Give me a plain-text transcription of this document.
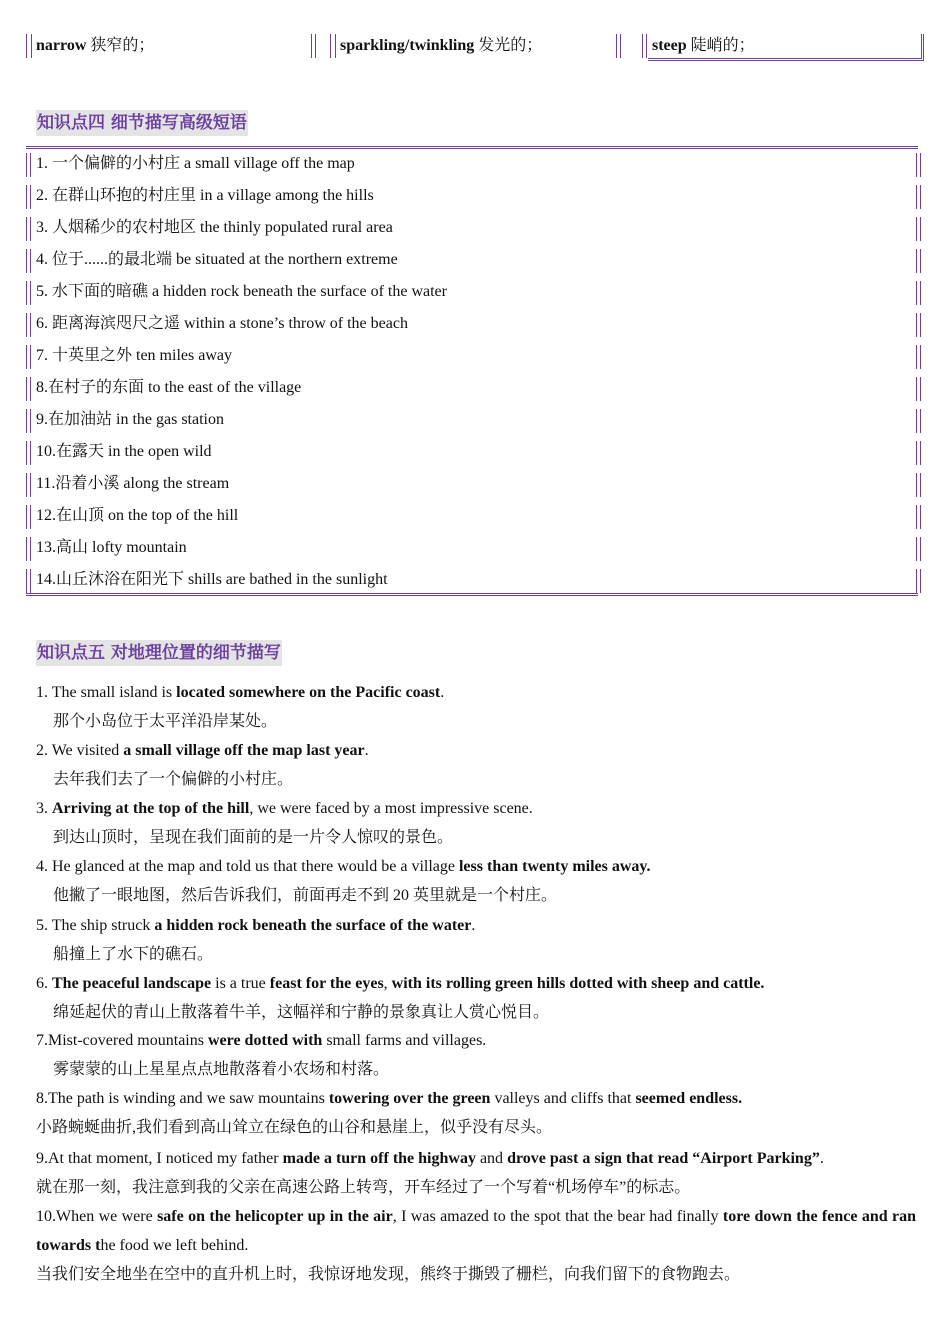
narrow 狭窄的；	sparkling/twinkling 发光的；	steep 陡峭的；
知识点四 细节描写高级短语
1. 一个偏僻的小村庄 a small village off the map
2. 在群山环抱的村庄里 in a village among the hills
3. 人烟稀少的农村地区 the thinly populated rural area
4. 位于......的最北端 be situated at the northern extreme
5. 水下面的暗礁 a hidden rock beneath the surface of the water
6. 距离海滨咫尺之遥 within a stone’s throw of the beach
7. 十英里之外 ten miles away
8.在村子的东面 to the east of the village
9.在加油站 in the gas station
10.在露天 in the open wild
11.沿着小溪 along the stream
12.在山顶 on the top of the hill
13.高山 lofty mountain
14.山丘沐浴在阳光下 shills are bathed in the sunlight
知识点五 对地理位置的细节描写
1. The small island is located somewhere on the Pacific coast.
那个小岛位于太平洋沿岸某处。
2. We visited a small village off the map last year.
去年我们去了一个偏僻的小村庄。
3. Arriving at the top of the hill, we were faced by a most impressive scene.
到达山顶时，呈现在我们面前的是一片令人惊叹的景色。
4. He glanced at the map and told us that there would be a village less than twenty miles away.
他撇了一眼地图，然后告诉我们，前面再走不到 20 英里就是一个村庄。
5. The ship struck a hidden rock beneath the surface of the water.
船撞上了水下的礁石。
6. The peaceful landscape is a true feast for the eyes, with its rolling green hills dotted with sheep and cattle.
绵延起伏的青山上散落着牛羊，这幅祥和宁静的景象真让人赏心悦目。
7.Mist-covered mountains were dotted with small farms and villages.
雾蒙蒙的山上星星点点地散落着小农场和村落。
8.The path is winding and we saw mountains towering over the green valleys and cliffs that seemed endless.
小路蜿蜒曲折,我们看到高山耸立在绿色的山谷和悬崖上，似乎没有尽头。
9.At that moment, I noticed my father made a turn off the highway and drove past a sign that read “Airport Parking”.
就在那一刻，我注意到我的父亲在高速公路上转弯，开车经过了一个写着“机场停车”的标志。
10.When we were safe on the helicopter up in the air, I was amazed to the spot that the bear had finally tore down the fence and ran towards the food we left behind.
当我们安全地坐在空中的直升机上时，我惊讶地发现，熊终于撕毁了栅栏，向我们留下的食物跑去。
